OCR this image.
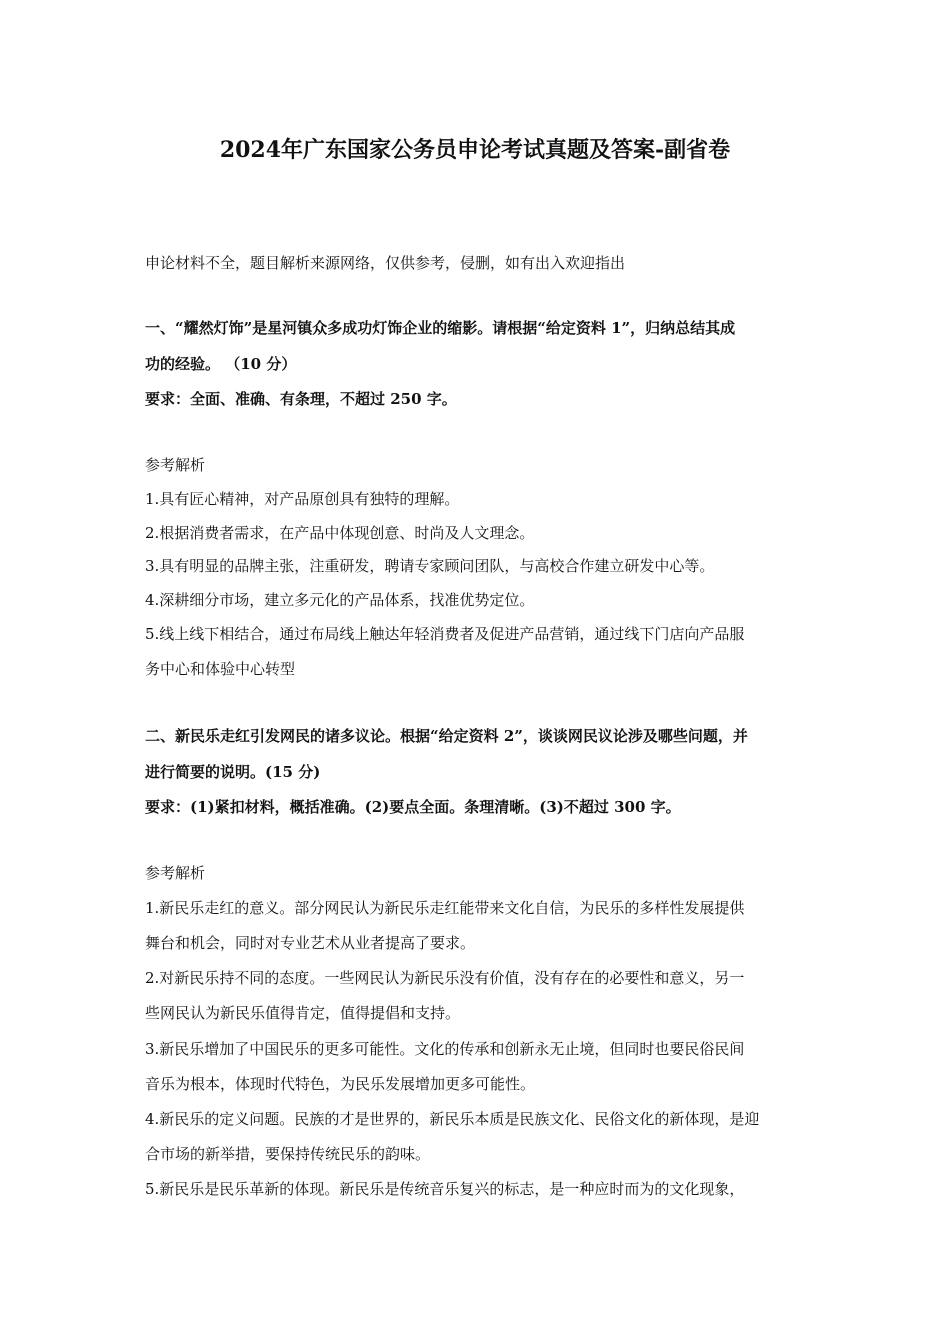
2024年广东国家公务员申论考试真题及答案-副省卷
申论材料不全，题目解析来源网络，仅供参考，侵删，如有出入欢迎指出
一、“耀然灯饰”是星河镇众多成功灯饰企业的缩影。请根据“给定资料 1”，归纳总结其成
功的经验。 （10 分）
要求：全面、准确、有条理，不超过 250 字。
参考解析
1.具有匠心精神，对产品原创具有独特的理解。
2.根据消费者需求，在产品中体现创意、时尚及人文理念。
3.具有明显的品牌主张，注重研发，聘请专家顾问团队，与高校合作建立研发中心等。
4.深耕细分市场，建立多元化的产品体系，找准优势定位。
5.线上线下相结合，通过布局线上触达年轻消费者及促进产品营销，通过线下门店向产品服
务中心和体验中心转型
二、新民乐走红引发网民的诸多议论。根据“给定资料 2”，谈谈网民议论涉及哪些问题，并
进行简要的说明。(15 分)
要求：(1)紧扣材料，概括准确。(2)要点全面。条理清晰。(3)不超过 300 字。
参考解析
1.新民乐走红的意义。部分网民认为新民乐走红能带来文化自信，为民乐的多样性发展提供
舞台和机会，同时对专业艺术从业者提高了要求。
2.对新民乐持不同的态度。一些网民认为新民乐没有价值，没有存在的必要性和意义，另一
些网民认为新民乐值得肯定，值得提倡和支持。
3.新民乐增加了中国民乐的更多可能性。文化的传承和创新永无止境，但同时也要民俗民间
音乐为根本，体现时代特色，为民乐发展增加更多可能性。
4.新民乐的定义问题。民族的才是世界的，新民乐本质是民族文化、民俗文化的新体现，是迎
合市场的新举措，要保持传统民乐的韵味。
5.新民乐是民乐革新的体现。新民乐是传统音乐复兴的标志，是一种应时而为的文化现象，
